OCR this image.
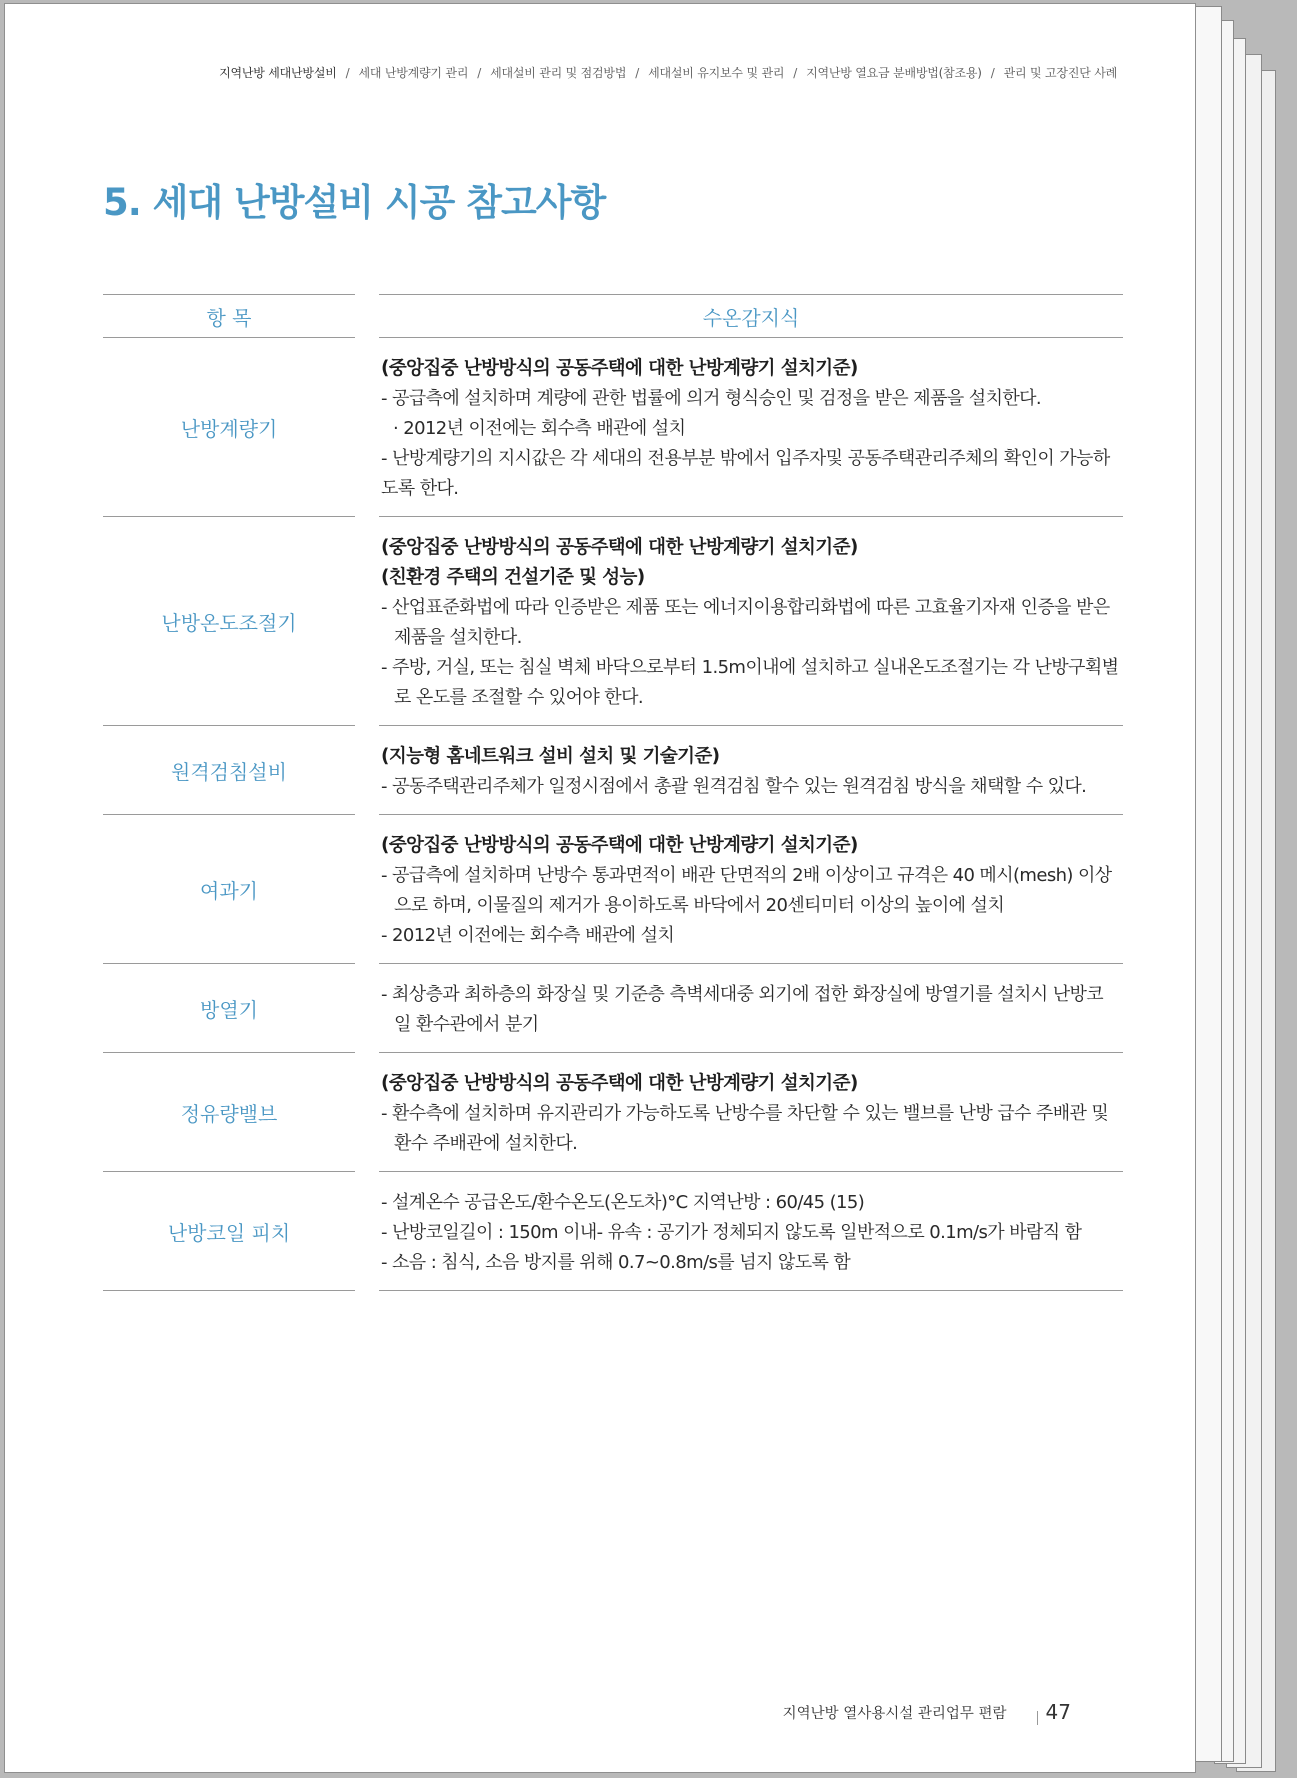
지역난방 세대난방설비 / 세대 난방계량기 관리 / 세대설비 관리 및 점검방법 / 세대설비 유지보수 및 관리 / 지역난방 열요금 분배방법(참조용) / 관리 및 고장진단 사례
5. 세대 난방설비 시공 참고사항
항 목	수온감지식
난방계량기
(중앙집중 난방방식의 공동주택에 대한 난방계량기 설치기준)
- 공급측에 설치하며 계량에 관한 법률에 의거 형식승인 및 검정을 받은 제품을 설치한다.
· 2012년 이전에는 회수측 배관에 설치
- 난방계량기의 지시값은 각 세대의 전용부분 밖에서 입주자및 공동주택관리주체의 확인이 가능하도록 한다.
난방온도조절기
(중앙집중 난방방식의 공동주택에 대한 난방계량기 설치기준)
(친환경 주택의 건설기준 및 성능)
- 산업표준화법에 따라 인증받은 제품 또는 에너지이용합리화법에 따른 고효율기자재 인증을 받은 제품을 설치한다.
- 주방, 거실, 또는 침실 벽체 바닥으로부터 1.5m이내에 설치하고 실내온도조절기는 각 난방구획별로 온도를 조절할 수 있어야 한다.
원격검침설비
(지능형 홈네트워크 설비 설치 및 기술기준)
- 공동주택관리주체가 일정시점에서 총괄 원격검침 할수 있는 원격검침 방식을 채택할 수 있다.
여과기
(중앙집중 난방방식의 공동주택에 대한 난방계량기 설치기준)
- 공급측에 설치하며 난방수 통과면적이 배관 단면적의 2배 이상이고 규격은 40 메시(mesh) 이상으로 하며, 이물질의 제거가 용이하도록 바닥에서 20센티미터 이상의 높이에 설치
- 2012년 이전에는 회수측 배관에 설치
방열기
- 최상층과 최하층의 화장실 및 기준층 측벽세대중 외기에 접한 화장실에 방열기를 설치시 난방코일 환수관에서 분기
정유량밸브
(중앙집중 난방방식의 공동주택에 대한 난방계량기 설치기준)
- 환수측에 설치하며 유지관리가 가능하도록 난방수를 차단할 수 있는 밸브를 난방 급수 주배관 및 환수 주배관에 설치한다.
난방코일 피치
- 설계온수 공급온도/환수온도(온도차)°C 지역난방 : 60/45 (15)
- 난방코일길이 : 150m 이내- 유속 : 공기가 정체되지 않도록 일반적으로 0.1m/s가 바람직 함
- 소음 : 침식, 소음 방지를 위해 0.7~0.8m/s를 넘지 않도록 함
지역난방 열사용시설 관리업무 편람 47
